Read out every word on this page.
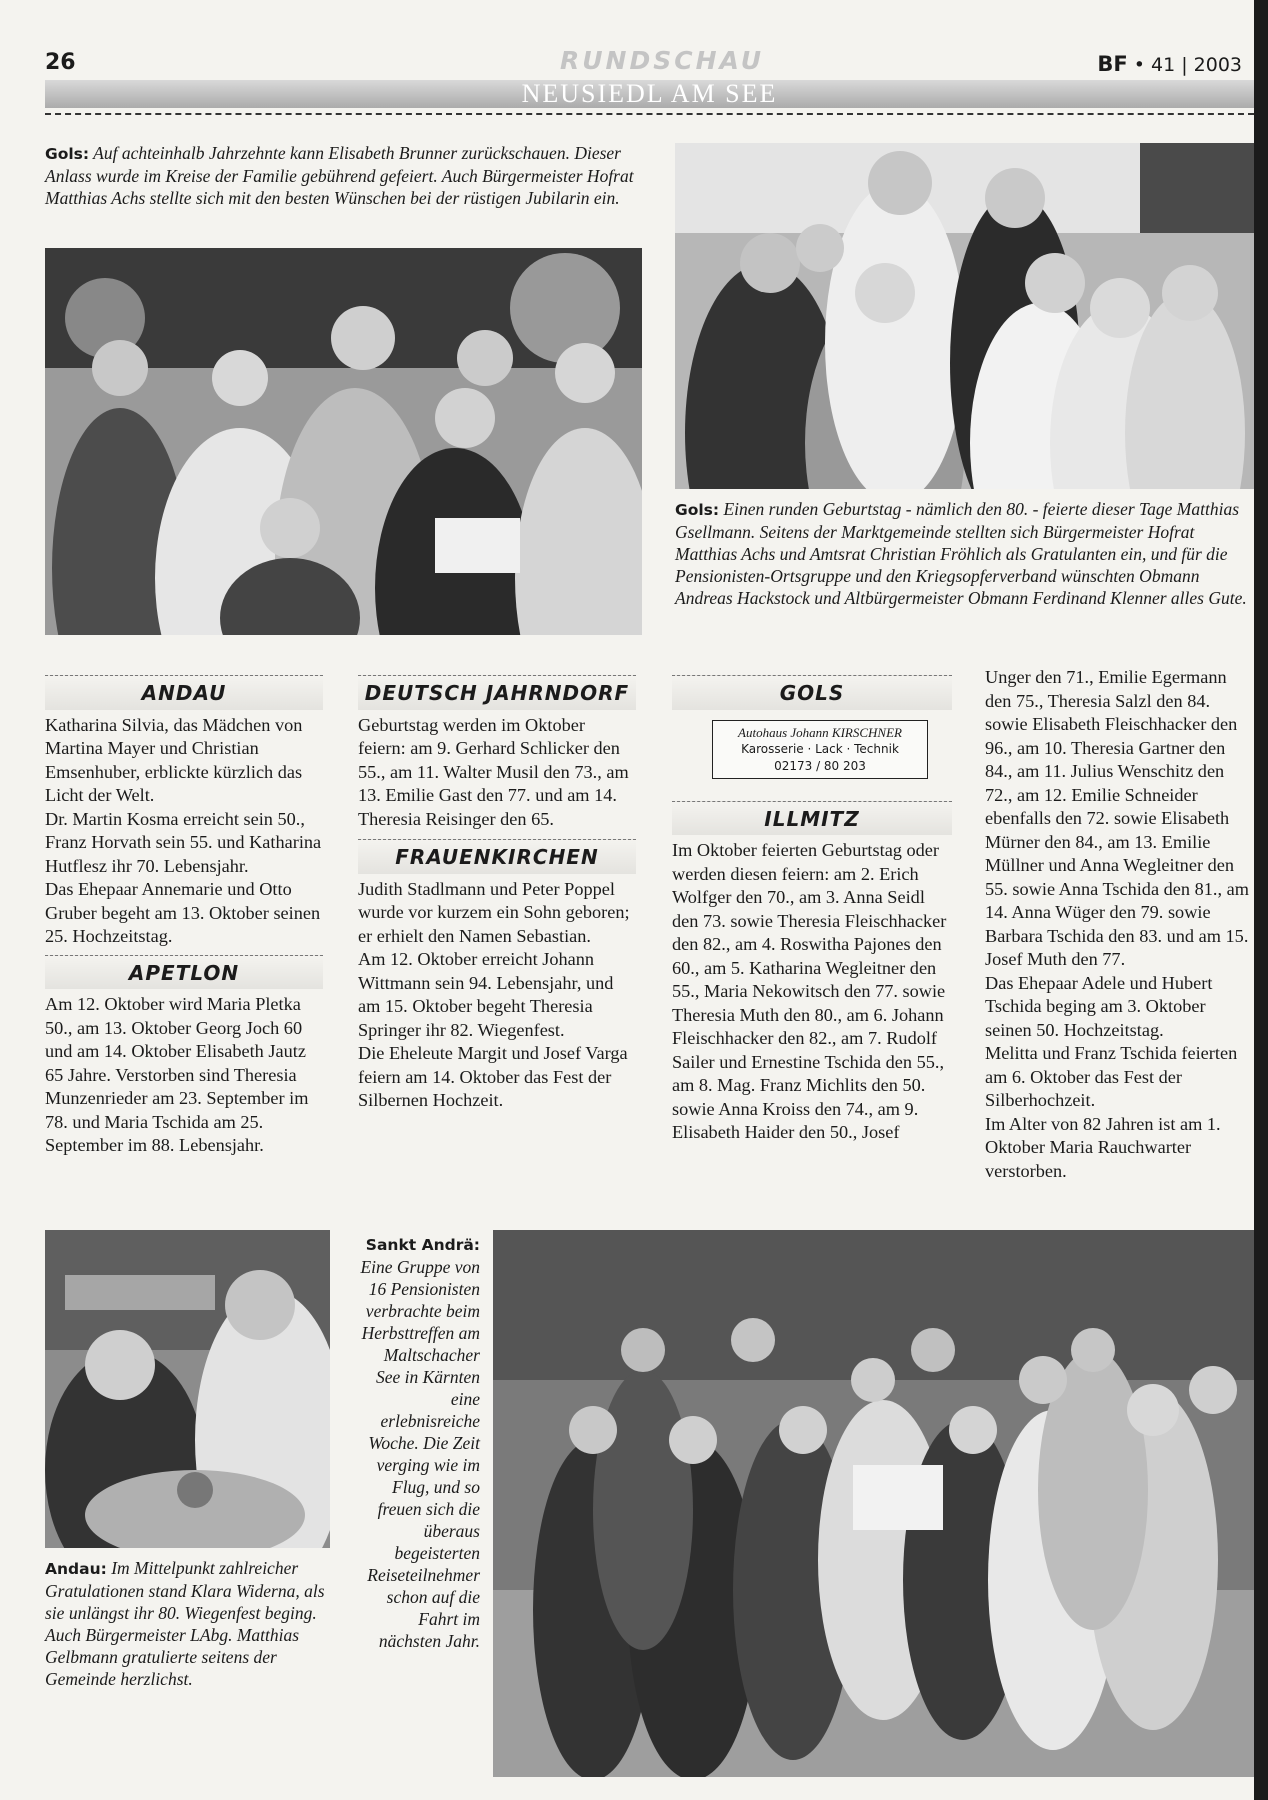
26	RUNDSCHAU	BF • 41 | 2003
NEUSIEDL AM SEE
Gols: Auf achteinhalb Jahrzehnte kann Elisabeth Brunner zurückschauen. Dieser Anlass wurde im Kreise der Familie gebührend gefeiert. Auch Bürgermeister Hofrat Matthias Achs stellte sich mit den besten Wünschen bei der rüstigen Jubilarin ein.
Gols: Einen runden Geburtstag - nämlich den 80. - feierte dieser Tage Matthias Gsellmann. Seitens der Marktgemeinde stellten sich Bürgermeister Hofrat Matthias Achs und Amtsrat Christian Fröhlich als Gratulanten ein, und für die Pensionisten-Ortsgruppe und den Kriegsopferverband wünschten Obmann Andreas Hackstock und Altbürgermeister Obmann Ferdinand Klenner alles Gute.
ANDAU

Katharina Silvia, das Mädchen von Martina Mayer und Christian Emsenhuber, erblickte kürzlich das Licht der Welt.

Dr. Martin Kosma erreicht sein 50., Franz Horvath sein 55. und Katharina Hutflesz ihr 70. Lebensjahr.

Das Ehepaar Annemarie und Otto Gruber begeht am 13. Oktober seinen 25. Hochzeitstag.

APETLON

Am 12. Oktober wird Maria Pletka 50., am 13. Oktober Georg Joch 60 und am 14. Oktober Elisabeth Jautz 65 Jahre. Verstorben sind Theresia Munzenrieder am 23. September im 78. und Maria Tschida am 25. September im 88. Lebensjahr.

DEUTSCH JAHRNDORF

Geburtstag werden im Oktober feiern: am 9. Gerhard Schlicker den 55., am 11. Walter Musil den 73., am 13. Emilie Gast den 77. und am 14. Theresia Reisinger den 65.

FRAUENKIRCHEN

Judith Stadlmann und Peter Poppel wurde vor kurzem ein Sohn geboren; er erhielt den Namen Sebastian.

Am 12. Oktober erreicht Johann Wittmann sein 94. Lebensjahr, und am 15. Oktober begeht Theresia Springer ihr 82. Wiegenfest.

Die Eheleute Margit und Josef Varga feiern am 14. Oktober das Fest der Silbernen Hochzeit.

GOLS
Autohaus Johann KIRSCHNER
Karosserie · Lack · Technik
02173 / 80 203
ILLMITZ

Im Oktober feierten Geburtstag oder werden diesen feiern: am 2. Erich Wolfger den 70., am 3. Anna Seidl den 73. sowie Theresia Fleischhacker den 82., am 4. Roswitha Pajones den 60., am 5. Katharina Wegleitner den 55., Maria Nekowitsch den 77. sowie Theresia Muth den 80., am 6. Johann Fleischhacker den 82., am 7. Rudolf Sailer und Ernestine Tschida den 55., am 8. Mag. Franz Michlits den 50. sowie Anna Kroiss den 74., am 9. Elisabeth Haider den 50., Josef

Unger den 71., Emilie Egermann den 75., Theresia Salzl den 84. sowie Elisabeth Fleischhacker den 96., am 10. Theresia Gartner den 84., am 11. Julius Wenschitz den 72., am 12. Emilie Schneider ebenfalls den 72. sowie Elisabeth Mürner den 84., am 13. Emilie Müllner und Anna Wegleitner den 55. sowie Anna Tschida den 81., am 14. Anna Wüger den 79. sowie Barbara Tschida den 83. und am 15. Josef Muth den 77.

Das Ehepaar Adele und Hubert Tschida beging am 3. Oktober seinen 50. Hochzeitstag.

Melitta und Franz Tschida feierten am 6. Oktober das Fest der Silberhochzeit.

Im Alter von 82 Jahren ist am 1. Oktober Maria Rauchwarter verstorben.

Andau: Im Mittelpunkt zahlreicher Gratulationen stand Klara Widerna, als sie unlängst ihr 80. Wiegenfest beging. Auch Bürgermeister LAbg. Matthias Gelbmann gratulierte seitens der Gemeinde herzlichst.
Sankt Andrä:
Eine Gruppe von 16 Pensionisten verbrachte beim Herbsttreffen am Maltschacher See in Kärnten eine erlebnisreiche Woche. Die Zeit verging wie im Flug, und so freuen sich die überaus begeisterten Reiseteilnehmer schon auf die Fahrt im nächsten Jahr.
